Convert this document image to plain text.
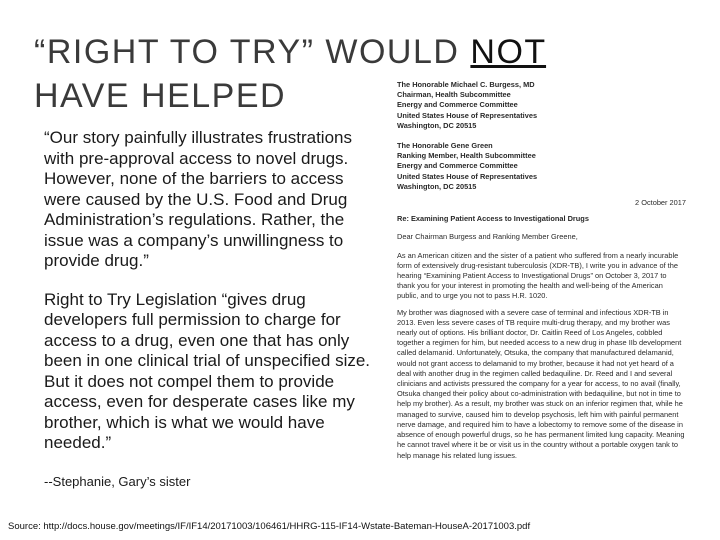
“RIGHT TO TRY” WOULD NOT HAVE HELPED

“Our story painfully illustrates frustrations with pre-approval access to novel drugs. However, none of the barriers to access were caused by the U.S. Food and Drug Administration’s regulations. Rather, the issue was a company’s unwillingness to provide drug.”

Right to Try Legislation “gives drug developers full permission to charge for access to a drug, even one that has only been in one clinical trial of unspecified size. But it does not compel them to provide access, even for desperate cases like my brother, which is what we would have needed.”

--Stephanie, Gary’s sister
Source: http://docs.house.gov/meetings/IF/IF14/20171003/106461/HHRG-115-IF14-Wstate-Bateman-HouseA-20171003.pdf
The Honorable Michael C. Burgess, MD
Chairman, Health Subcommittee
Energy and Commerce Committee
United States House of Representatives
Washington, DC 20515
The Honorable Gene Green
Ranking Member, Health Subcommittee
Energy and Commerce Committee
United States House of Representatives
Washington, DC 20515
2 October 2017
Re: Examining Patient Access to Investigational Drugs
Dear Chairman Burgess and Ranking Member Greene,
As an American citizen and the sister of a patient who suffered from a nearly incurable form of extensively drug-resistant tuberculosis (XDR-TB), I write you in advance of the hearing “Examining Patient Access to Investigational Drugs” on October 3, 2017 to thank you for your interest in promoting the health and well-being of the American public, and to urge you not to pass H.R. 1020.
My brother was diagnosed with a severe case of terminal and infectious XDR-TB in 2013. Even less severe cases of TB require multi-drug therapy, and my brother was nearly out of options. His brilliant doctor, Dr. Caitlin Reed of Los Angeles, cobbled together a regimen for him, but needed access to a new drug in phase IIb development called delamanid. Unfortunately, Otsuka, the company that manufactured delamanid, would not grant access to delamanid to my brother, because it had not yet heard of a deal with another drug in the regimen called bedaquiline. Dr. Reed and I and several clinicians and activists pressured the company for a year for access, to no avail (finally, Otsuka changed their policy about co-administration with bedaquiline, but not in time to help my brother). As a result, my brother was stuck on an inferior regimen that, while he managed to survive, caused him to develop psychosis, left him with painful permanent nerve damage, and required him to have a lobectomy to remove some of the disease in absence of enough powerful drugs, so he has permanent limited lung capacity. Meaning he cannot travel where it be or visit us in the country without a portable oxygen tank to help manage his related lung issues.
